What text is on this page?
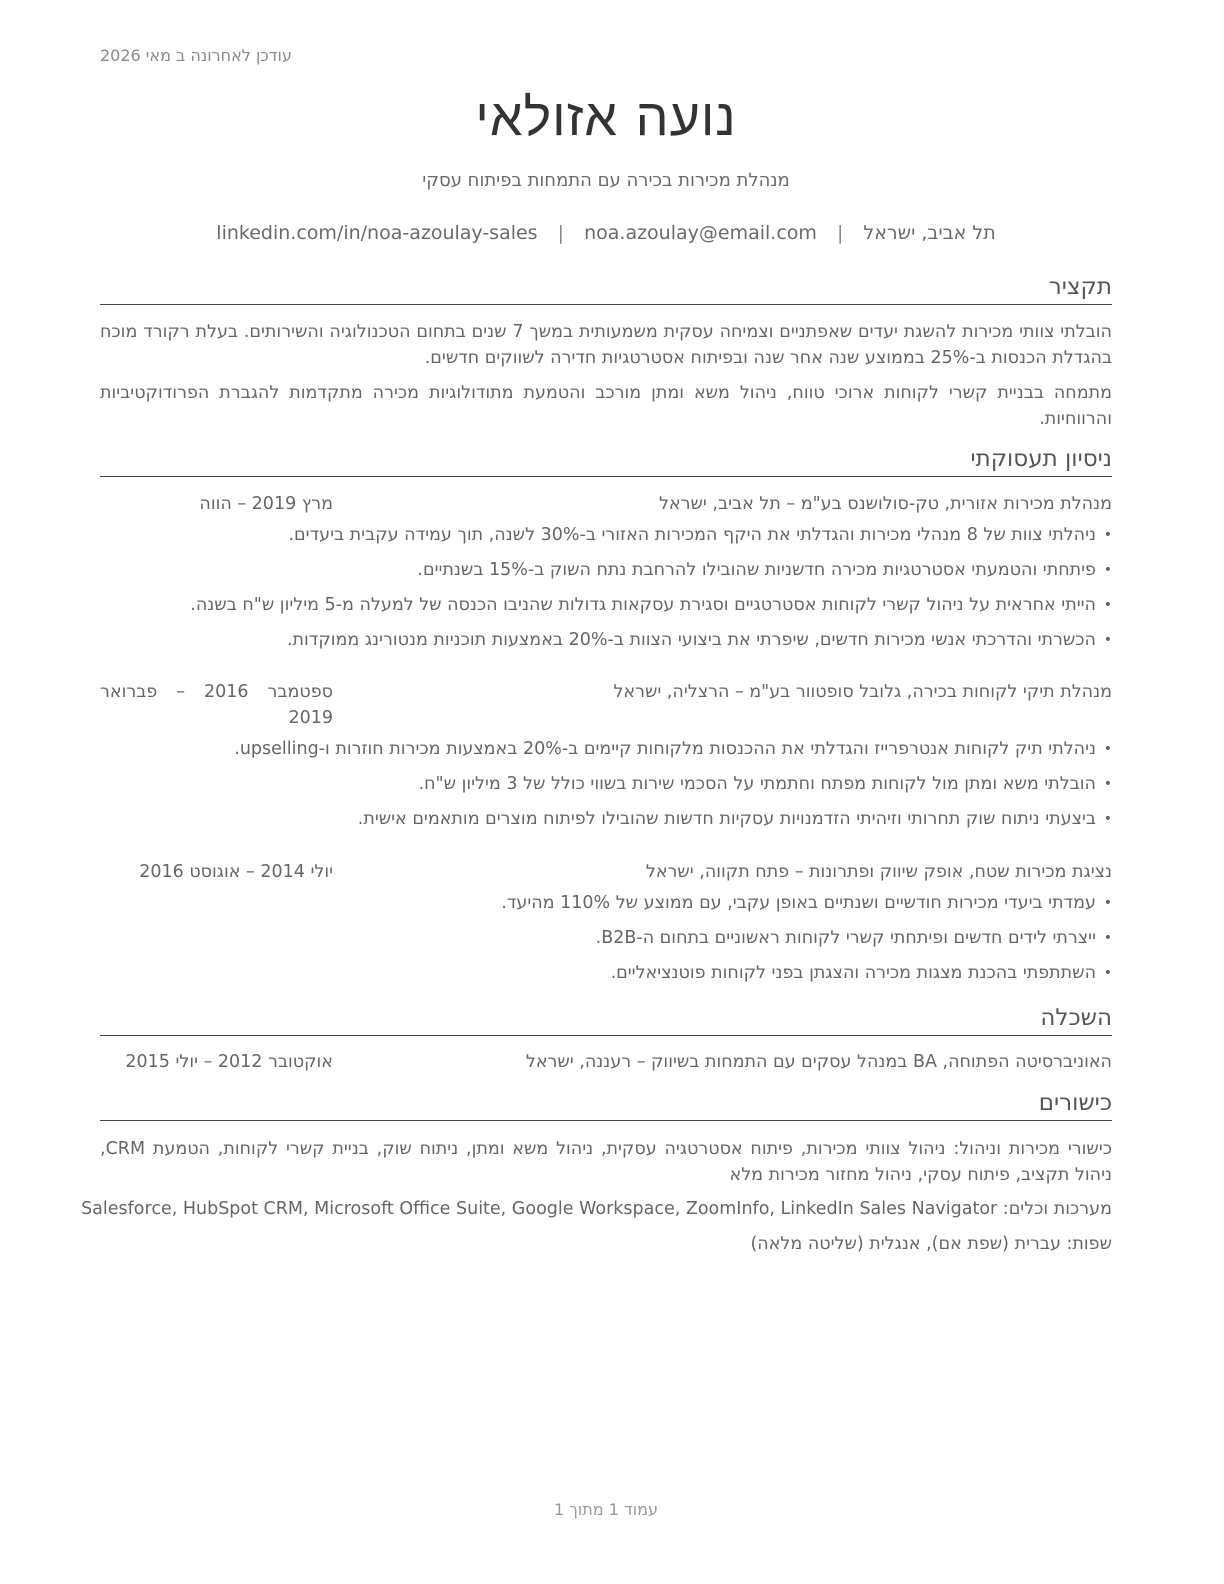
עודכן לאחרונה ב מאי 2026
נועה אזולאי
מנהלת מכירות בכירה עם התמחות בפיתוח עסקי
תל אביב, ישראל | noa.azoulay@email.com | linkedin.com/in/noa-azoulay-sales
תקציר
הובלתי צוותי מכירות להשגת יעדים שאפתניים וצמיחה עסקית משמעותית במשך 7 שנים בתחום הטכנולוגיה והשירותים. בעלת רקורד מוכח בהגדלת הכנסות ב-25% בממוצע שנה אחר שנה ובפיתוח אסטרטגיות חדירה לשווקים חדשים.
מתמחה בבניית קשרי לקוחות ארוכי טווח, ניהול משא ומתן מורכב והטמעת מתודולוגיות מכירה מתקדמות להגברת הפרודוקטיביות והרווחיות.
ניסיון תעסוקתי
מנהלת מכירות אזורית, טק-סולושנס בע"מ – תל אביב, ישראל
מרץ 2019 – הווה
• ניהלתי צוות של 8 מנהלי מכירות והגדלתי את היקף המכירות האזורי ב-30% לשנה, תוך עמידה עקבית ביעדים.
• פיתחתי והטמעתי אסטרטגיות מכירה חדשניות שהובילו להרחבת נתח השוק ב-15% בשנתיים.
• הייתי אחראית על ניהול קשרי לקוחות אסטרטגיים וסגירת עסקאות גדולות שהניבו הכנסה של למעלה מ-5 מיליון ש"ח בשנה.
• הכשרתי והדרכתי אנשי מכירות חדשים, שיפרתי את ביצועי הצוות ב-20% באמצעות תוכניות מנטורינג ממוקדות.
מנהלת תיקי לקוחות בכירה, גלובל סופטוור בע"מ – הרצליה, ישראל
ספטמבר 2016 – פברואר 2019
• ניהלתי תיק לקוחות אנטרפרייז והגדלתי את ההכנסות מלקוחות קיימים ב-20% באמצעות מכירות חוזרות ו-upselling.
• הובלתי משא ומתן מול לקוחות מפתח וחתמתי על הסכמי שירות בשווי כולל של 3 מיליון ש"ח.
• ביצעתי ניתוח שוק תחרותי וזיהיתי הזדמנויות עסקיות חדשות שהובילו לפיתוח מוצרים מותאמים אישית.
נציגת מכירות שטח, אופק שיווק ופתרונות – פתח תקווה, ישראל
יולי 2014 – אוגוסט 2016
• עמדתי ביעדי מכירות חודשיים ושנתיים באופן עקבי, עם ממוצע של 110% מהיעד.
• ייצרתי לידים חדשים ופיתחתי קשרי לקוחות ראשוניים בתחום ה-B2B.
• השתתפתי בהכנת מצגות מכירה והצגתן בפני לקוחות פוטנציאליים.
השכלה
האוניברסיטה הפתוחה, BA במנהל עסקים עם התמחות בשיווק – רעננה, ישראל
אוקטובר 2012 – יולי 2015
כישורים
כישורי מכירות וניהול: ניהול צוותי מכירות, פיתוח אסטרטגיה עסקית, ניהול משא ומתן, ניתוח שוק, בניית קשרי לקוחות, הטמעת CRM, ניהול תקציב, פיתוח עסקי, ניהול מחזור מכירות מלא
מערכות וכלים: Salesforce, HubSpot CRM, Microsoft Office Suite, Google Workspace, ZoomInfo, LinkedIn Sales Navigator
שפות: עברית (שפת אם), אנגלית (שליטה מלאה)
עמוד 1 מתוך 1
